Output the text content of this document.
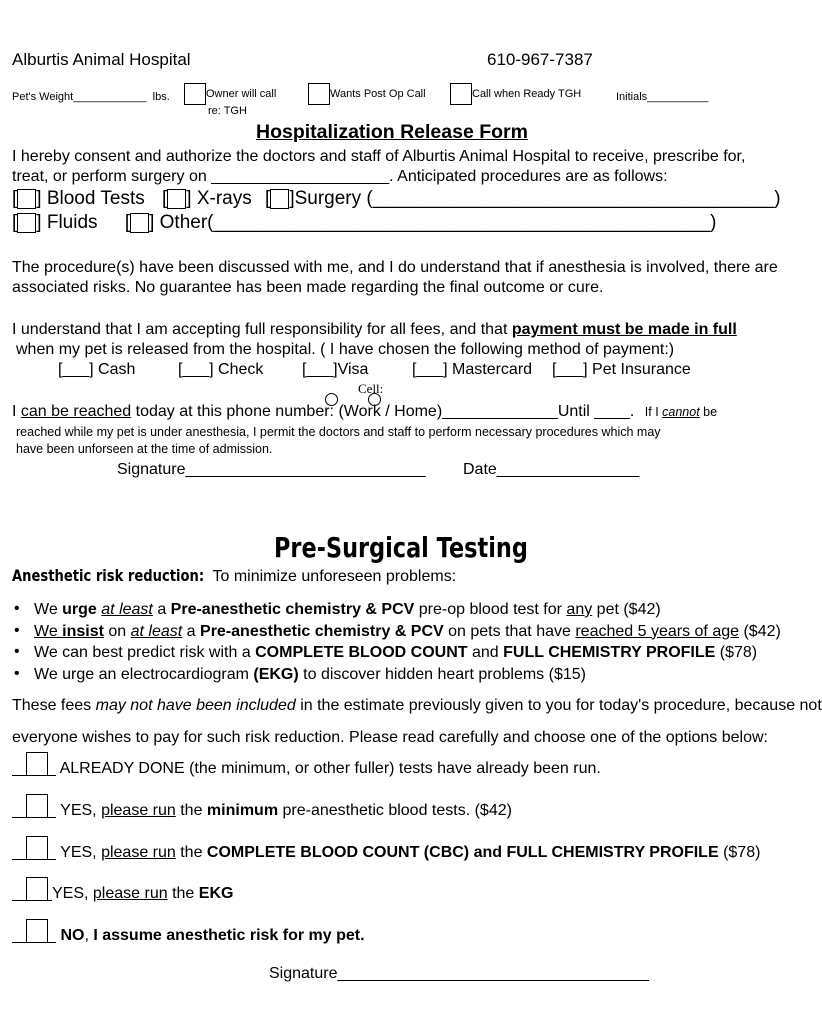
Alburtis Animal Hospital	610-967-7387
Pet's Weight____________ lbs.	Owner will call
re: TGH
Wants Post Op Call	Call when Ready TGH	Initials__________
Hospitalization Release Form
I hereby consent and authorize the doctors and staff of Alburtis Animal Hospital to receive, prescribe for,
treat, or perform surgery on ____________________. Anticipated procedures are as follows:
[ ] Blood Tests [ ] X-rays [ ]Surgery (______________________________________)
[ ] Fluids [ ] Other(_______________________________________________)
The procedure(s) have been discussed with me, and I do understand that if anesthesia is involved, there are
associated risks. No guarantee has been made regarding the final outcome or cure.
I understand that I am accepting full responsibility for all fees, and that payment must be made in full
when my pet is released from the hospital. ( I have chosen the following method of payment:)
[___] Cash	[___] Check [___]Visa	[___] Mastercard [___] Pet Insurance
Cell:
I can be reached today at this phone number: (Work / Home)_____________Until ____. If I cannot be
reached while my pet is under anesthesia, I permit the doctors and staff to perform necessary procedures which may
have been unforseen at the time of admission.
Signature___________________________ Date________________
Pre-Surgical Testing
Anesthetic risk reduction: To minimize unforeseen problems:
• We urge at least a Pre-anesthetic chemistry & PCV pre-op blood test for any pet ($42)
• We insist on at least a Pre-anesthetic chemistry & PCV on pets that have reached 5 years of age ($42)
• We can best predict risk with a COMPLETE BLOOD COUNT and FULL CHEMISTRY PROFILE ($78)
• We urge an electrocardiogram (EKG) to discover hidden heart problems ($15)
These fees may not have been included in the estimate previously given to you for today's procedure, because not
everyone wishes to pay for such risk reduction. Please read carefully and choose one of the options below:
ALREADY DONE (the minimum, or other fuller) tests have already been run.
YES, please run the minimum pre-anesthetic blood tests. ($42)
YES, please run the COMPLETE BLOOD COUNT (CBC) and FULL CHEMISTRY PROFILE ($78)
YES, please run the EKG
NO, I assume anesthetic risk for my pet.
Signature___________________________________
